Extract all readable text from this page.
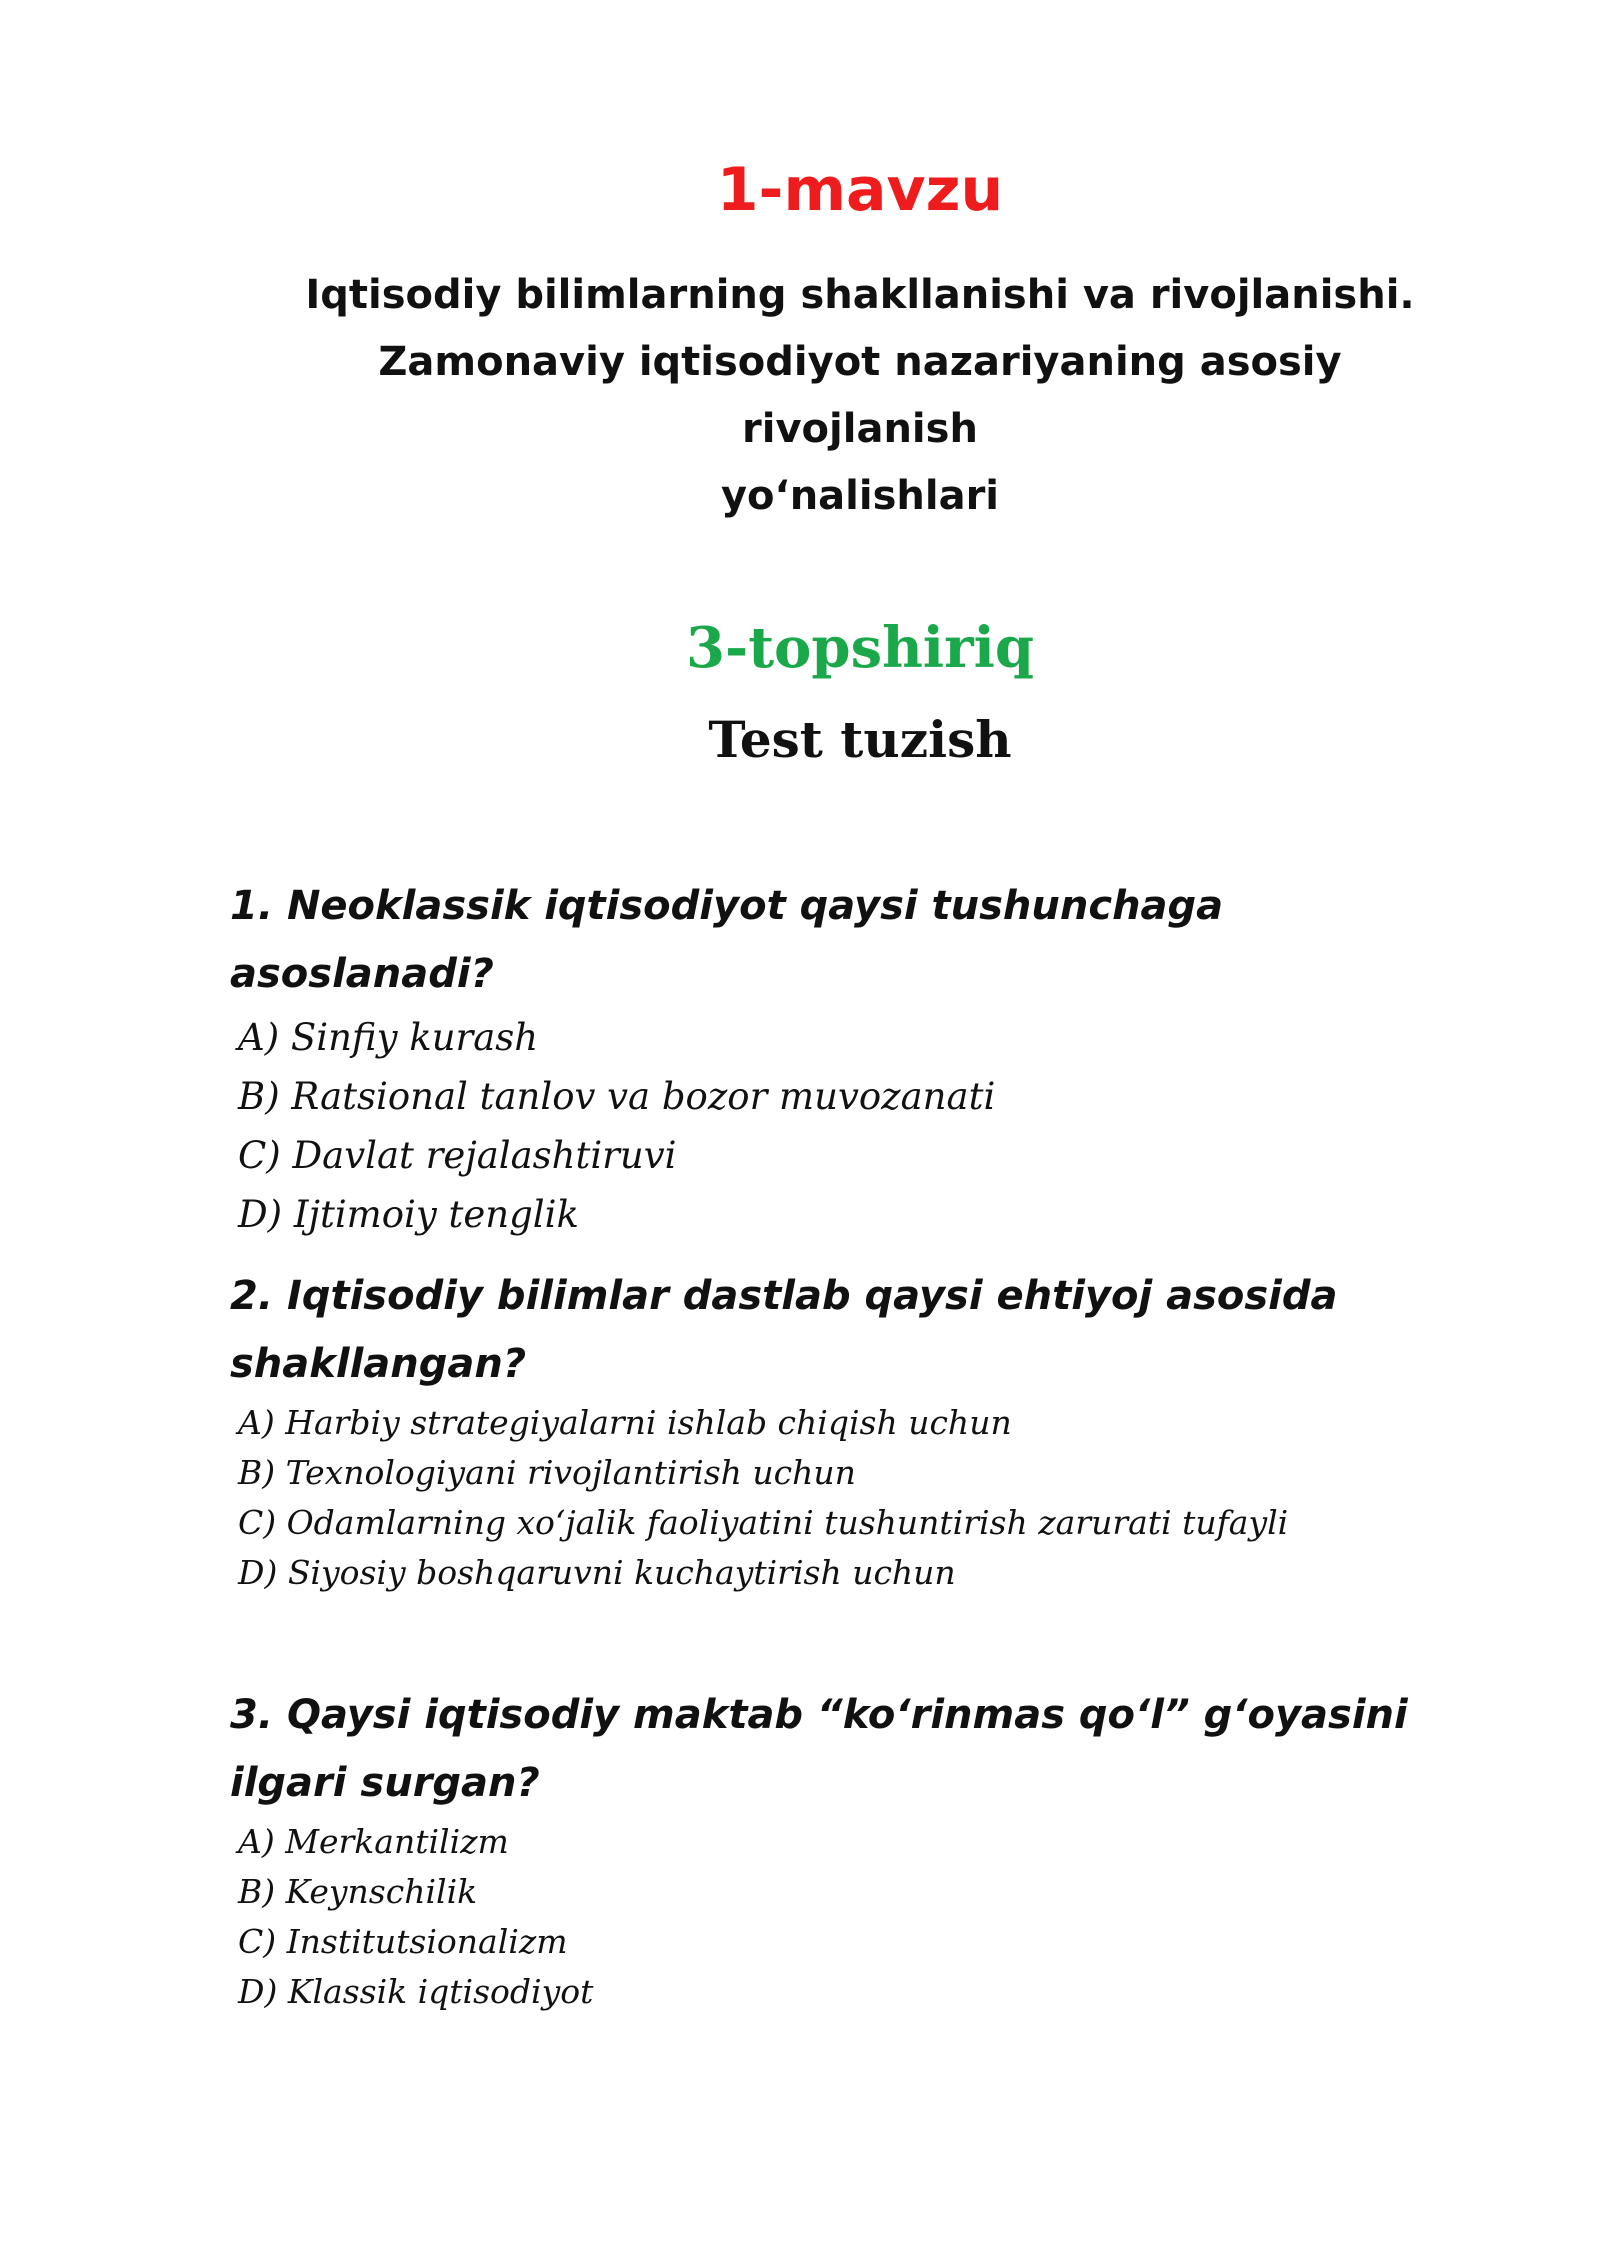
1-mavzu
Iqtisodiy bilimlarning shakllanishi va rivojlanishi.
Zamonaviy iqtisodiyot nazariyaning asosiy rivojlanish
yo‘nalishlari
3-topshiriq
Test tuzish

1. Neoklassik iqtisodiyot qaysi tushunchaga asoslanadi?

A) Sinfiy kurash
B) Ratsional tanlov va bozor muvozanati
C) Davlat rejalashtiruvi
D) Ijtimoiy tenglik

2. Iqtisodiy bilimlar dastlab qaysi ehtiyoj asosida shakllangan?

A) Harbiy strategiyalarni ishlab chiqish uchun
B) Texnologiyani rivojlantirish uchun
C) Odamlarning xo‘jalik faoliyatini tushuntirish zarurati tufayli
D) Siyosiy boshqaruvni kuchaytirish uchun

3. Qaysi iqtisodiy maktab “ko‘rinmas qo‘l” g‘oyasini ilgari surgan?

A) Merkantilizm
B) Keynschilik
C) Institutsionalizm
D) Klassik iqtisodiyot
